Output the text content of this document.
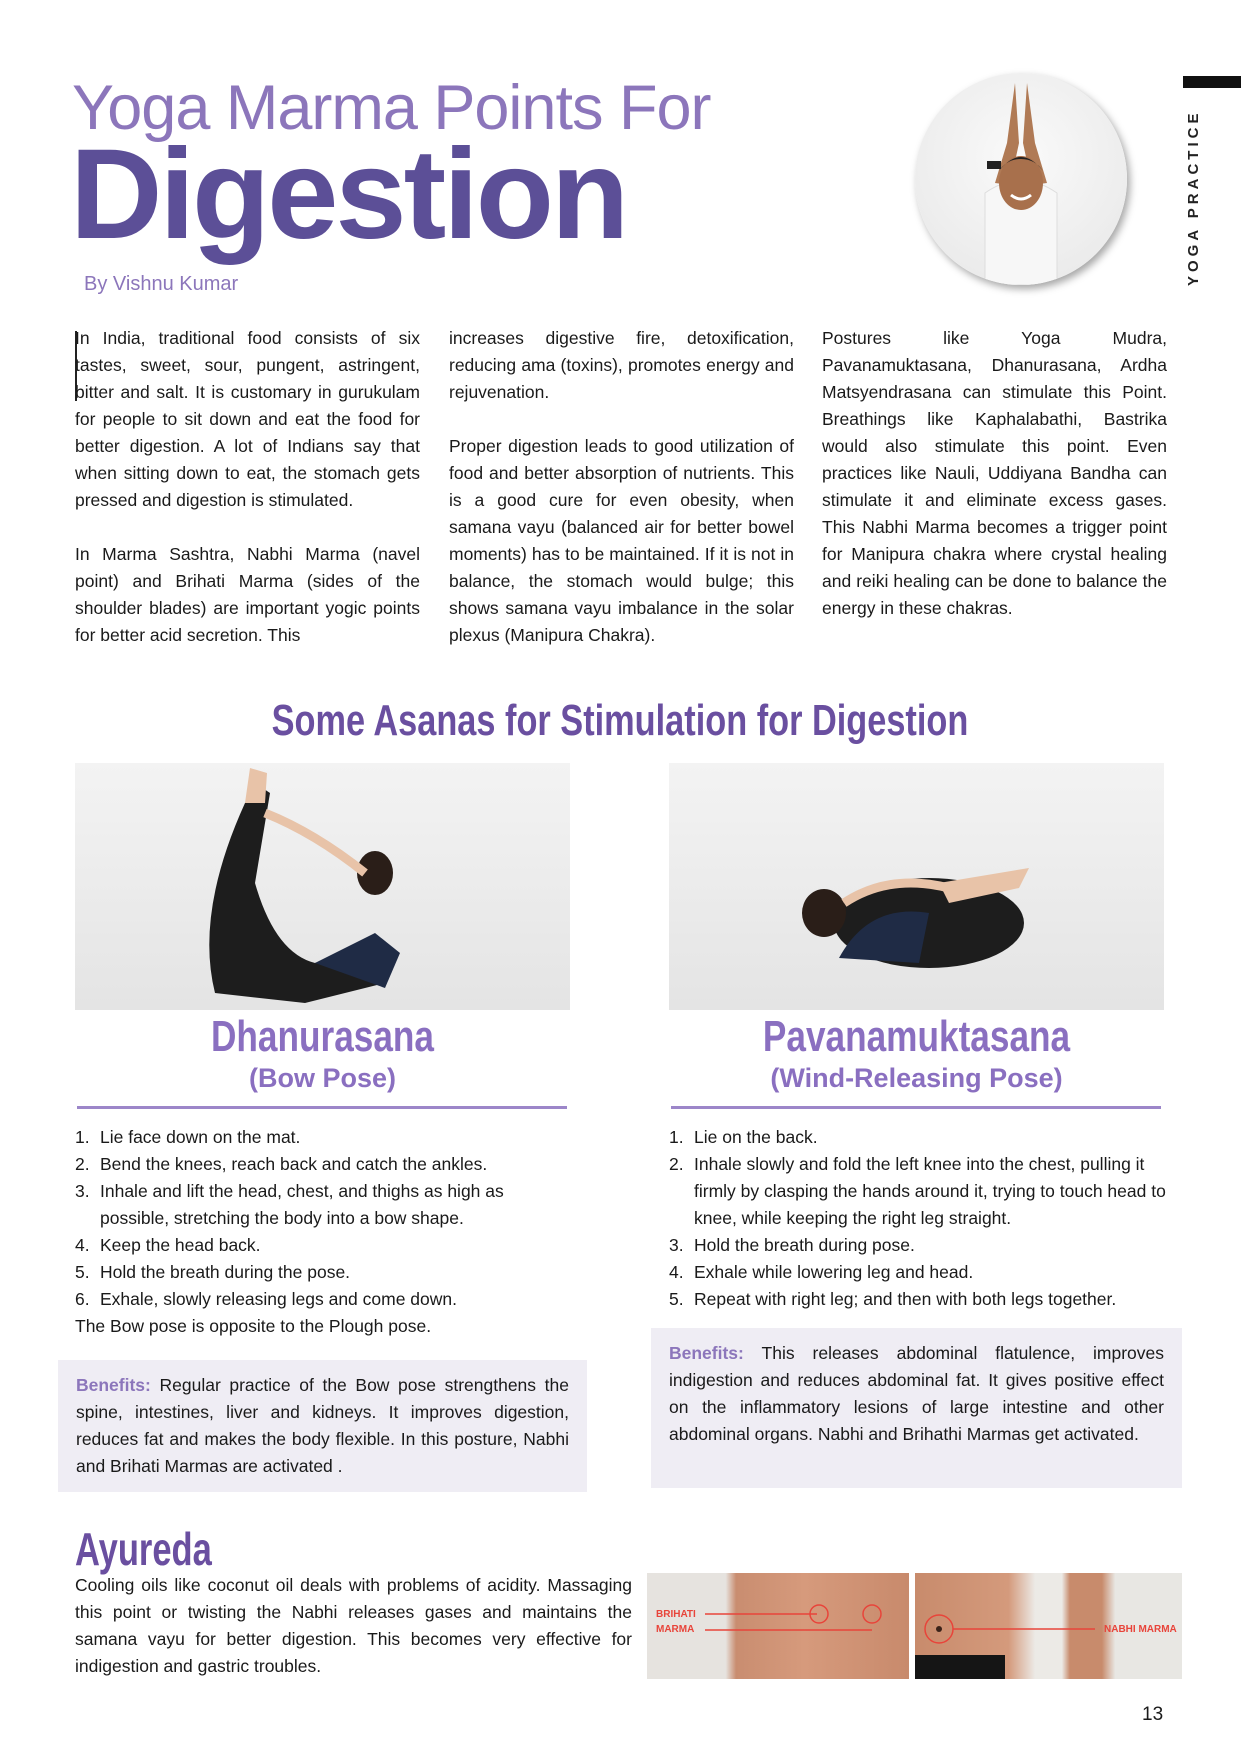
Yoga Marma Points For
Digestion
By Vishnu Kumar	YOGA PRACTICE

In India, traditional food consists of six tastes, sweet, sour, pungent, astringent, bitter and salt. It is customary in gurukulam for people to sit down and eat the food for better digestion. A lot of Indians say that when sitting down to eat, the stomach gets pressed and digestion is stimulated.

In Marma Sashtra, Nabhi Marma (navel point) and Brihati Marma (sides of the shoulder blades) are important yogic points for better acid secretion. This

increases digestive fire, detoxification, reducing ama (toxins), promotes energy and rejuvenation.

Proper digestion leads to good utilization of food and better absorption of nutrients. This is a good cure for even obesity, when samana vayu (balanced air for better bowel moments) has to be maintained. If it is not in balance, the stomach would bulge; this shows samana vayu imbalance in the solar plexus (Manipura Chakra).

Postures like Yoga Mudra, Pavanamuktasana, Dhanurasana, Ardha Matsyendrasana can stimulate this Point. Breathings like Kaphalabathi, Bastrika would also stimulate this point. Even practices like Nauli, Uddiyana Bandha can stimulate it and eliminate excess gases. This Nabhi Marma becomes a trigger point for Manipura chakra where crystal healing and reiki healing can be done to balance the energy in these chakras.

Some Asanas for Stimulation for Digestion
Dhanurasana
(Bow Pose)
1. Lie face down on the mat.
2. Bend the knees, reach back and catch the ankles.
3. Inhale and lift the head, chest, and thighs as high as possible, stretching the body into a bow shape.
4. Keep the head back.
5. Hold the breath during the pose.
6. Exhale, slowly releasing legs and come down.
The Bow pose is opposite to the Plough pose.
Benefits: Regular practice of the Bow pose strengthens the spine, intestines, liver and kidneys. It improves digestion, reduces fat and makes the body flexible. In this posture, Nabhi and Brihati Marmas are activated .
Pavanamuktasana
(Wind-Releasing Pose)
1. Lie on the back.
2. Inhale slowly and fold the left knee into the chest, pulling it firmly by clasping the hands around it, trying to touch head to knee, while keeping the right leg straight.
3. Hold the breath during pose.
4. Exhale while lowering leg and head.
5. Repeat with right leg; and then with both legs together.
Benefits: This releases abdominal flatulence, improves indigestion and reduces abdominal fat. It gives positive effect on the inflammatory lesions of large intestine and other abdominal organs. Nabhi and Brihathi Marmas get activated.
Ayureda
Cooling oils like coconut oil deals with problems of acidity. Massaging this point or twisting the Nabhi releases gases and maintains the samana vayu for better digestion. This becomes very effective for indigestion and gastric troubles.
BRIHATI
MARMA	NABHI MARMA
13
